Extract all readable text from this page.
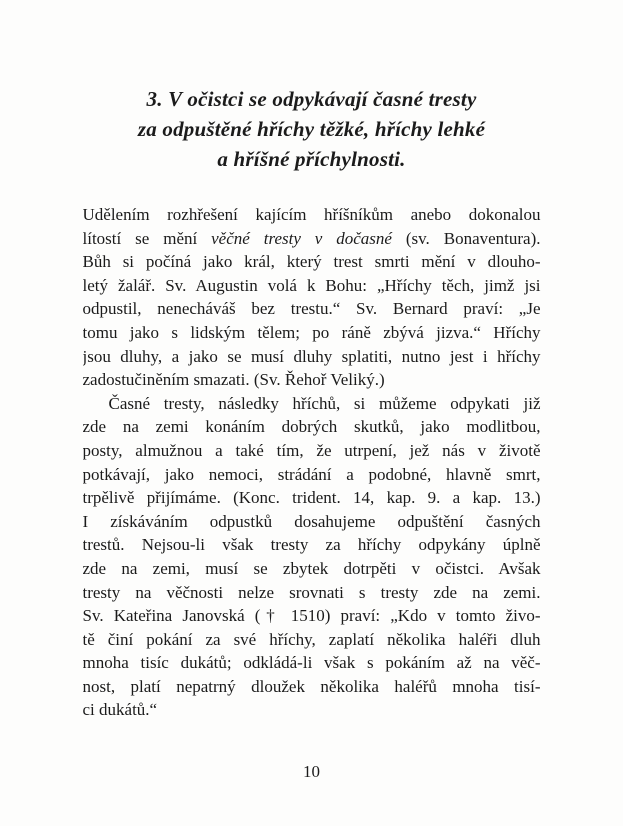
3. V očistci se odpykávají časné tresty
za odpuštěné hříchy těžké, hříchy lehké
a hříšné příchylnosti.
Udělením rozhřešení kajícím hříšníkům anebo dokonalou
lítostí se mění věčné tresty v dočasné (sv. Bonaventura).
Bůh si počíná jako král, který trest smrti mění v dlouho-
letý žalář. Sv. Augustin volá k Bohu: „Hříchy těch, jimž jsi
odpustil, nenecháváš bez trestu.“ Sv. Bernard praví: „Je
tomu jako s lidským tělem; po ráně zbývá jizva.“ Hříchy
jsou dluhy, a jako se musí dluhy splatiti, nutno jest i hříchy
zadostučiněním smazati. (Sv. Řehoř Veliký.)
Časné tresty, následky hříchů, si můžeme odpykati již
zde na zemi konáním dobrých skutků, jako modlitbou,
posty, almužnou a také tím, že utrpení, jež nás v životě
potkávají, jako nemoci, strádání a podobné, hlavně smrt,
trpělivě přijímáme. (Konc. trident. 14, kap. 9. a kap. 13.)
I získáváním odpustků dosahujeme odpuštění časných
trestů. Nejsou-li však tresty za hříchy odpykány úplně
zde na zemi, musí se zbytek dotrpěti v očistci. Avšak
tresty na věčnosti nelze srovnati s tresty zde na zemi.
Sv. Kateřina Janovská († 1510) praví: „Kdo v tomto živo-
tě činí pokání za své hříchy, zaplatí několika haléři dluh
mnoha tisíc dukátů; odkládá-li však s pokáním až na věč-
nost, platí nepatrný dloužek několika haléřů mnoha tisí-
ci dukátů.“
10
